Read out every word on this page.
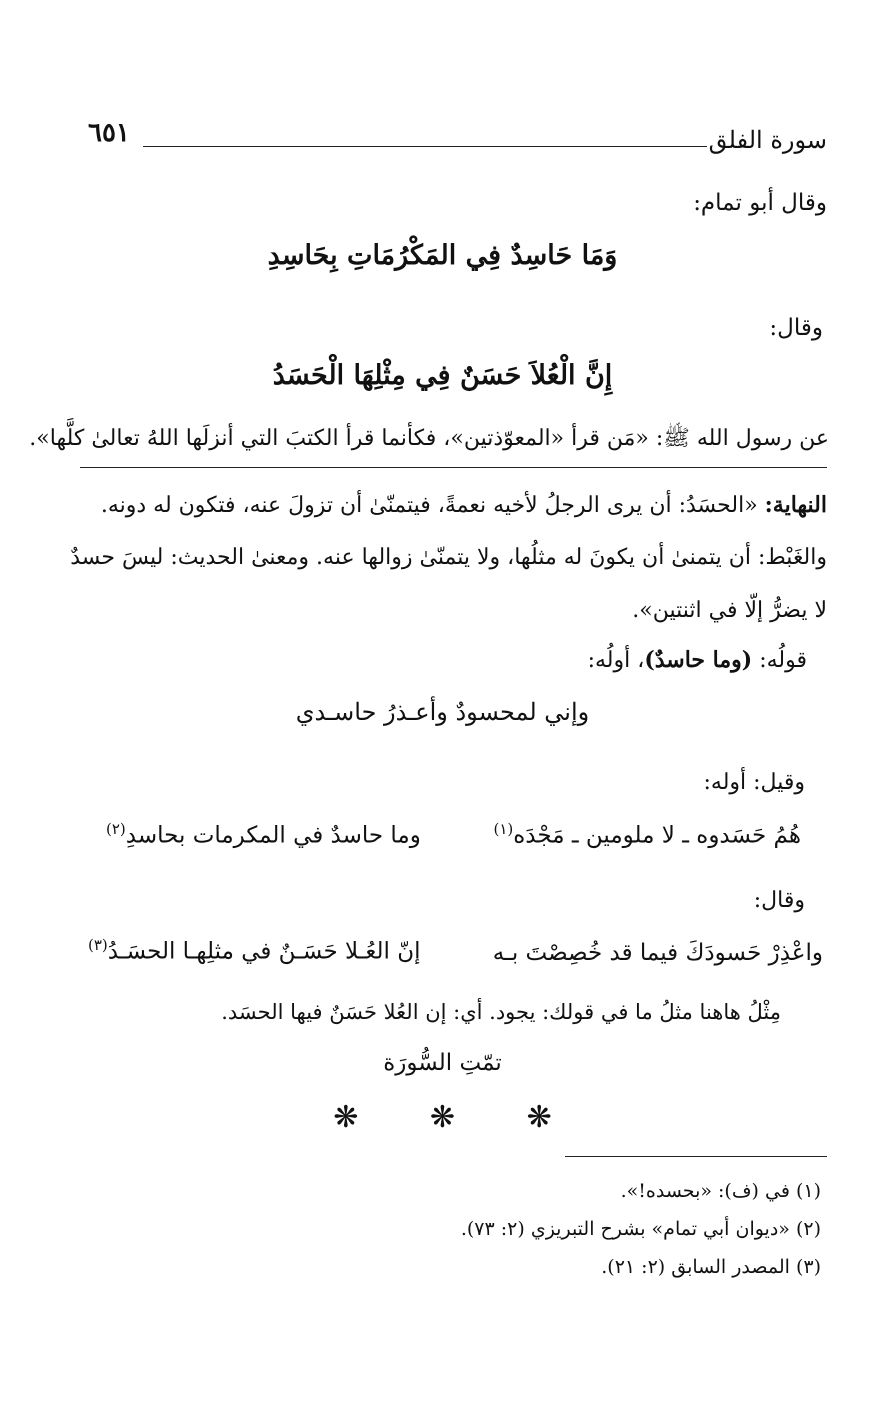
٦٥١	سورة الفلق
وقال أبو تمام:
وَمَا حَاسِدٌ فِي المَكْرُمَاتِ بِحَاسِدِ
وقال:
إِنَّ الْعُلاَ حَسَنٌ فِي مِثْلِهَا الْحَسَدُ
عن رسول الله ﷺ: «مَن قرأ «المعوّذتين»، فكأنما قرأ الكتبَ التي أنزلَها اللهُ تعالىٰ كلَّها».
النهاية: «الحسَدُ: أن يرى الرجلُ لأخيه نعمةً، فيتمنّىٰ أن تزولَ عنه، فتكون له دونه.
والغَبْط: أن يتمنىٰ أن يكونَ له مثلُها، ولا يتمنّىٰ زوالها عنه. ومعنىٰ الحديث: ليسَ حسدٌ
لا يضرُّ إلّا في اثنتين».
قولُه: (وما حاسدٌ)، أولُه:
وإني لمحسودٌ وأعـذرُ حاسـدي
وقيل: أوله:
هُمُ حَسَدوه ـ لا ملومين ـ مَجْدَه$^{(١)}$
وما حاسدٌ في المكرمات بحاسدِ$^{(٢)}$
وقال:
واعْذِرْ حَسودَكَ فيما قد خُصِصْتَ بـه
إنّ العُـلا حَسَـنٌ في مثلِهـا الحسَـدُ$^{(٣)}$
مِثْلُ هاهنا مثلُ ما في قولك: يجود. أي: إن العُلا حَسَنٌ فيها الحسَد.
تمّتِ السُّورَة
❋ ❋ ❋
(١) في (ف): «بحسده!».
(٢) «ديوان أبي تمام» بشرح التبريزي (٢: ٧٣).
(٣) المصدر السابق (٢: ٢١).
